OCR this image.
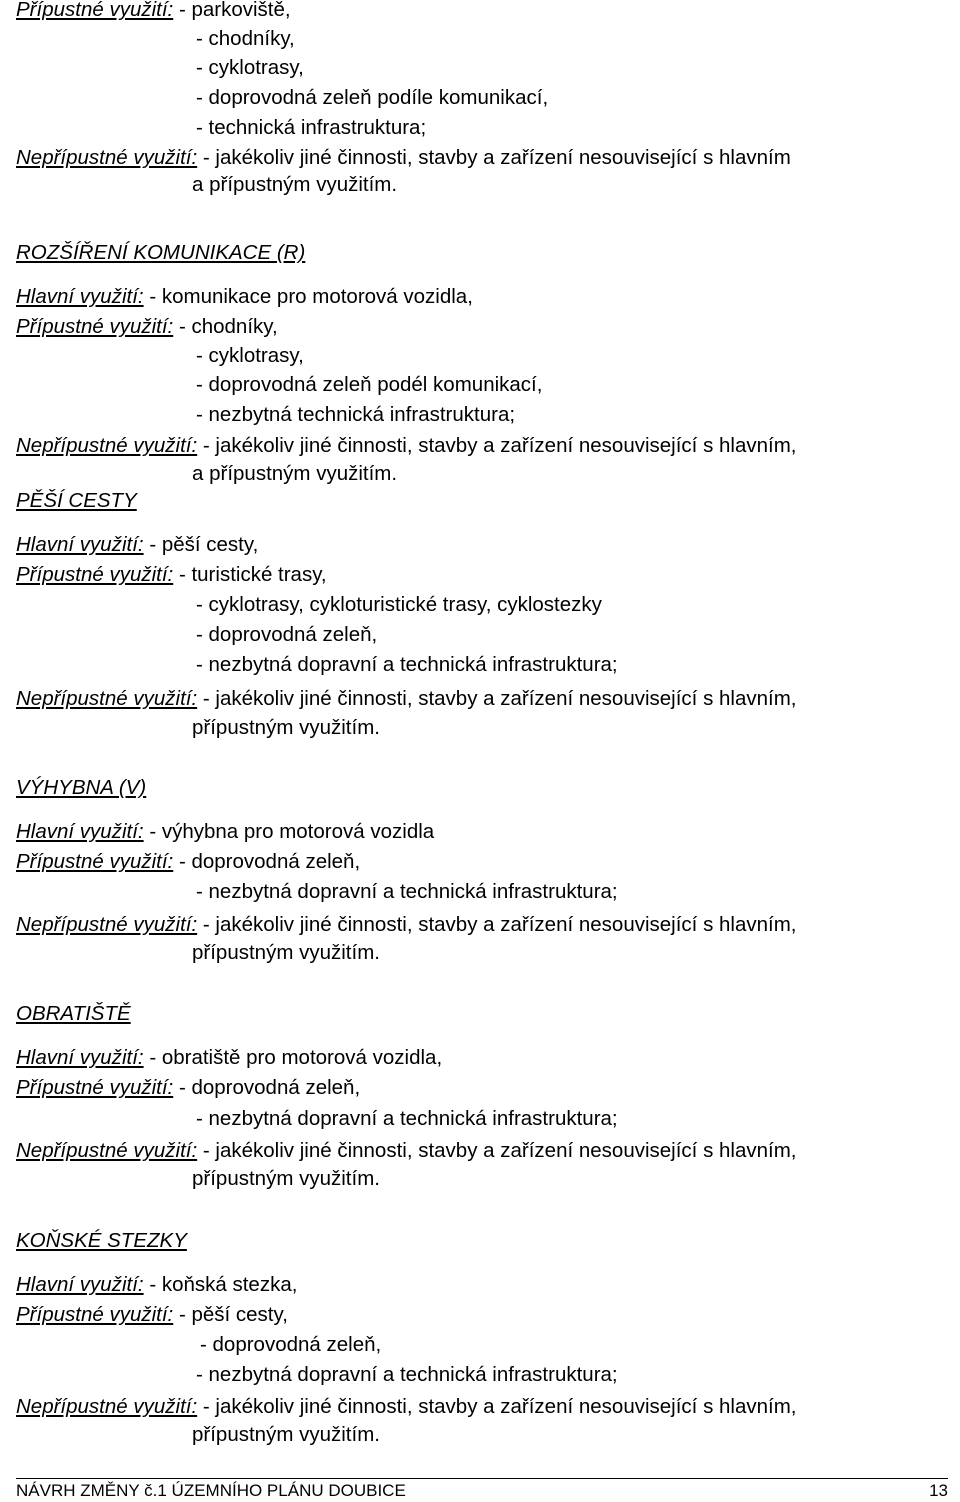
Přípustné využití: - parkoviště,
- chodníky,
- cyklotrasy,
- doprovodná zeleň podíle komunikací,
- technická infrastruktura;
Nepřípustné využití: - jakékoliv jiné činnosti, stavby a zařízení nesouvisející s hlavním
a přípustným využitím.
ROZŠÍŘENÍ KOMUNIKACE (R)
Hlavní využití: - komunikace pro motorová vozidla,
Přípustné využití: - chodníky,
- cyklotrasy,
- doprovodná zeleň podél komunikací,
- nezbytná technická infrastruktura;
Nepřípustné využití: - jakékoliv jiné činnosti, stavby a zařízení nesouvisející s hlavním,
a přípustným využitím.
PĚŠÍ CESTY
Hlavní využití: - pěší cesty,
Přípustné využití: - turistické trasy,
- cyklotrasy, cykloturistické trasy, cyklostezky
- doprovodná zeleň,
- nezbytná dopravní a technická infrastruktura;
Nepřípustné využití: - jakékoliv jiné činnosti, stavby a zařízení nesouvisející s hlavním,
přípustným využitím.
VÝHYBNA (V)
Hlavní využití: - výhybna pro motorová vozidla
Přípustné využití: - doprovodná zeleň,
- nezbytná dopravní a technická infrastruktura;
Nepřípustné využití: - jakékoliv jiné činnosti, stavby a zařízení nesouvisející s hlavním,
přípustným využitím.
OBRATIŠTĚ
Hlavní využití: - obratiště pro motorová vozidla,
Přípustné využití: - doprovodná zeleň,
- nezbytná dopravní a technická infrastruktura;
Nepřípustné využití: - jakékoliv jiné činnosti, stavby a zařízení nesouvisející s hlavním,
přípustným využitím.
KOŇSKÉ STEZKY
Hlavní využití: - koňská stezka,
Přípustné využití: - pěší cesty,
- doprovodná zeleň,
- nezbytná dopravní a technická infrastruktura;
Nepřípustné využití: - jakékoliv jiné činnosti, stavby a zařízení nesouvisející s hlavním,
přípustným využitím.
NÁVRH ZMĚNY č.1 ÚZEMNÍHO PLÁNU DOUBICE	13
